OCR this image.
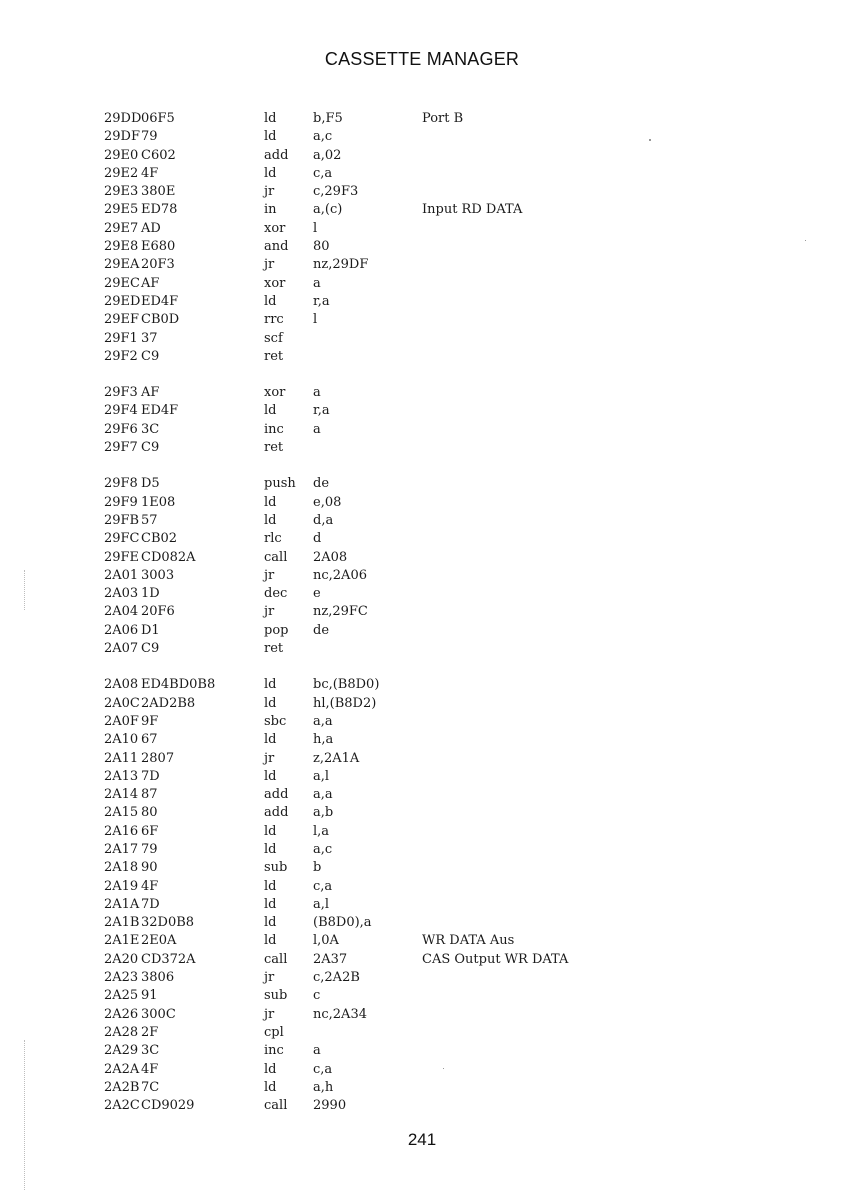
CASSETTE MANAGER
29DD 06F5	ld	b,F5	Port B
29DF 79	ld	a,c
29E0 C602	add a,02
29E2 4F	ld	c,a
29E3 380E	jr	c,29F3
29E5 ED78	in	a,(c)	Input RD DATA
29E7 AD	xor l
29E8 E680	and 80
29EA 20F3	jr	nz,29DF
29EC AF	xor a
29ED ED4F	ld	r,a
29EF CB0D	rrc l
29F1 37	scf
29F2 C9	ret
29F3 AF	xor a
29F4 ED4F	ld	r,a
29F6 3C	inc a
29F7 C9	ret
29F8 D5	push de
29F9 1E08	ld	e,08
29FB 57	ld	d,a
29FC CB02	rlc d
29FE CD082A	call 2A08
2A01 3003	jr	nc,2A06
2A03 1D	dec e
2A04 20F6	jr	nz,29FC
2A06 D1	pop de
2A07 C9	ret
2A08 ED4BD0B8	ld	bc,(B8D0)
2A0C 2AD2B8	ld	hl,(B8D2)
2A0F 9F	sbc a,a
2A10 67	ld	h,a
2A11 2807	jr	z,2A1A
2A13 7D	ld	a,l
2A14 87	add a,a
2A15 80	add a,b
2A16 6F	ld	l,a
2A17 79	ld	a,c
2A18 90	sub b
2A19 4F	ld	c,a
2A1A 7D	ld	a,l
2A1B 32D0B8	ld	(B8D0),a
2A1E 2E0A	ld	l,0A	WR DATA Aus
2A20 CD372A	call 2A37	CAS Output WR DATA
2A23 3806	jr	c,2A2B
2A25 91	sub c
2A26 300C	jr	nc,2A34
2A28 2F	cpl
2A29 3C	inc a
2A2A 4F	ld	c,a
2A2B 7C	ld	a,h
2A2C CD9029	call 2990
241
